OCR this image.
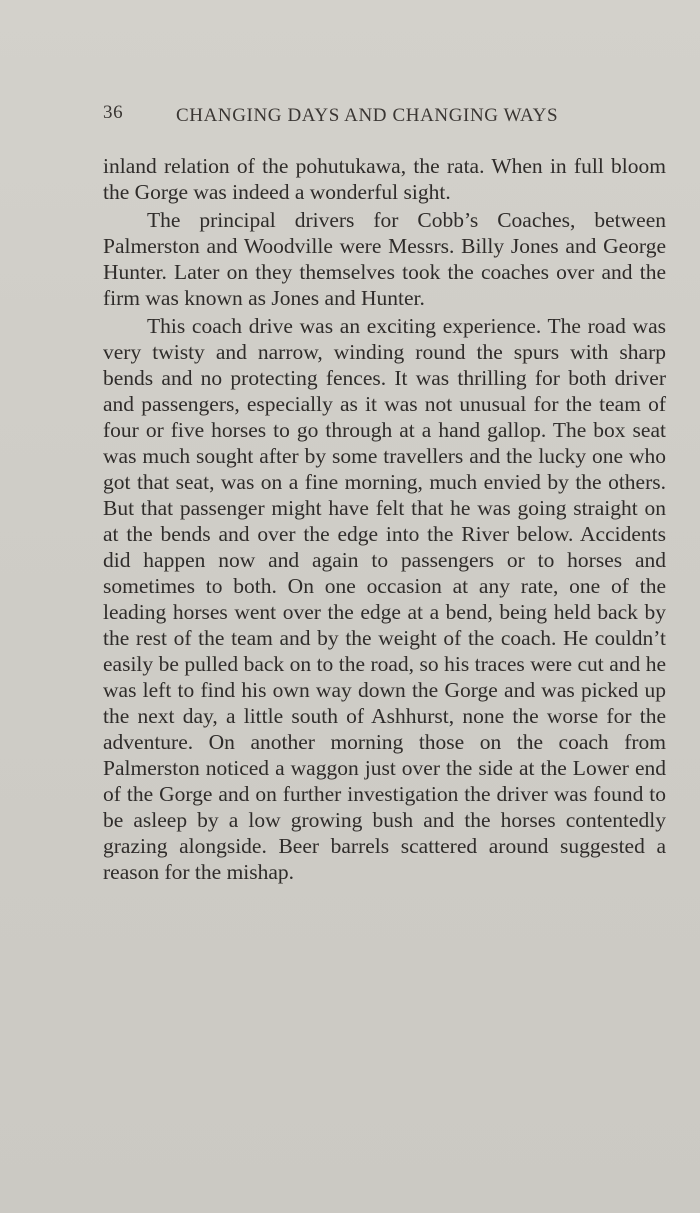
36	CHANGING DAYS AND CHANGING WAYS

inland relation of the pohutukawa, the rata. When in full bloom the Gorge was indeed a wonderful sight.

The principal drivers for Cobb’s Coaches, between Palmerston and Woodville were Messrs. Billy Jones and George Hunter. Later on they themselves took the coaches over and the firm was known as Jones and Hunter.

This coach drive was an exciting experience. The road was very twisty and narrow, winding round the spurs with sharp bends and no protecting fences. It was thrilling for both driver and passengers, especially as it was not unusual for the team of four or five horses to go through at a hand gallop. The box seat was much sought after by some travellers and the lucky one who got that seat, was on a fine morning, much envied by the others. But that passenger might have felt that he was going straight on at the bends and over the edge into the River below. Accidents did happen now and again to passengers or to horses and sometimes to both. On one occasion at any rate, one of the leading horses went over the edge at a bend, being held back by the rest of the team and by the weight of the coach. He couldn’t easily be pulled back on to the road, so his traces were cut and he was left to find his own way down the Gorge and was picked up the next day, a little south of Ashhurst, none the worse for the adventure. On another morning those on the coach from Palmerston noticed a waggon just over the side at the Lower end of the Gorge and on further investigation the driver was found to be asleep by a low growing bush and the horses contentedly grazing alongside. Beer barrels scattered around suggested a reason for the mishap.
